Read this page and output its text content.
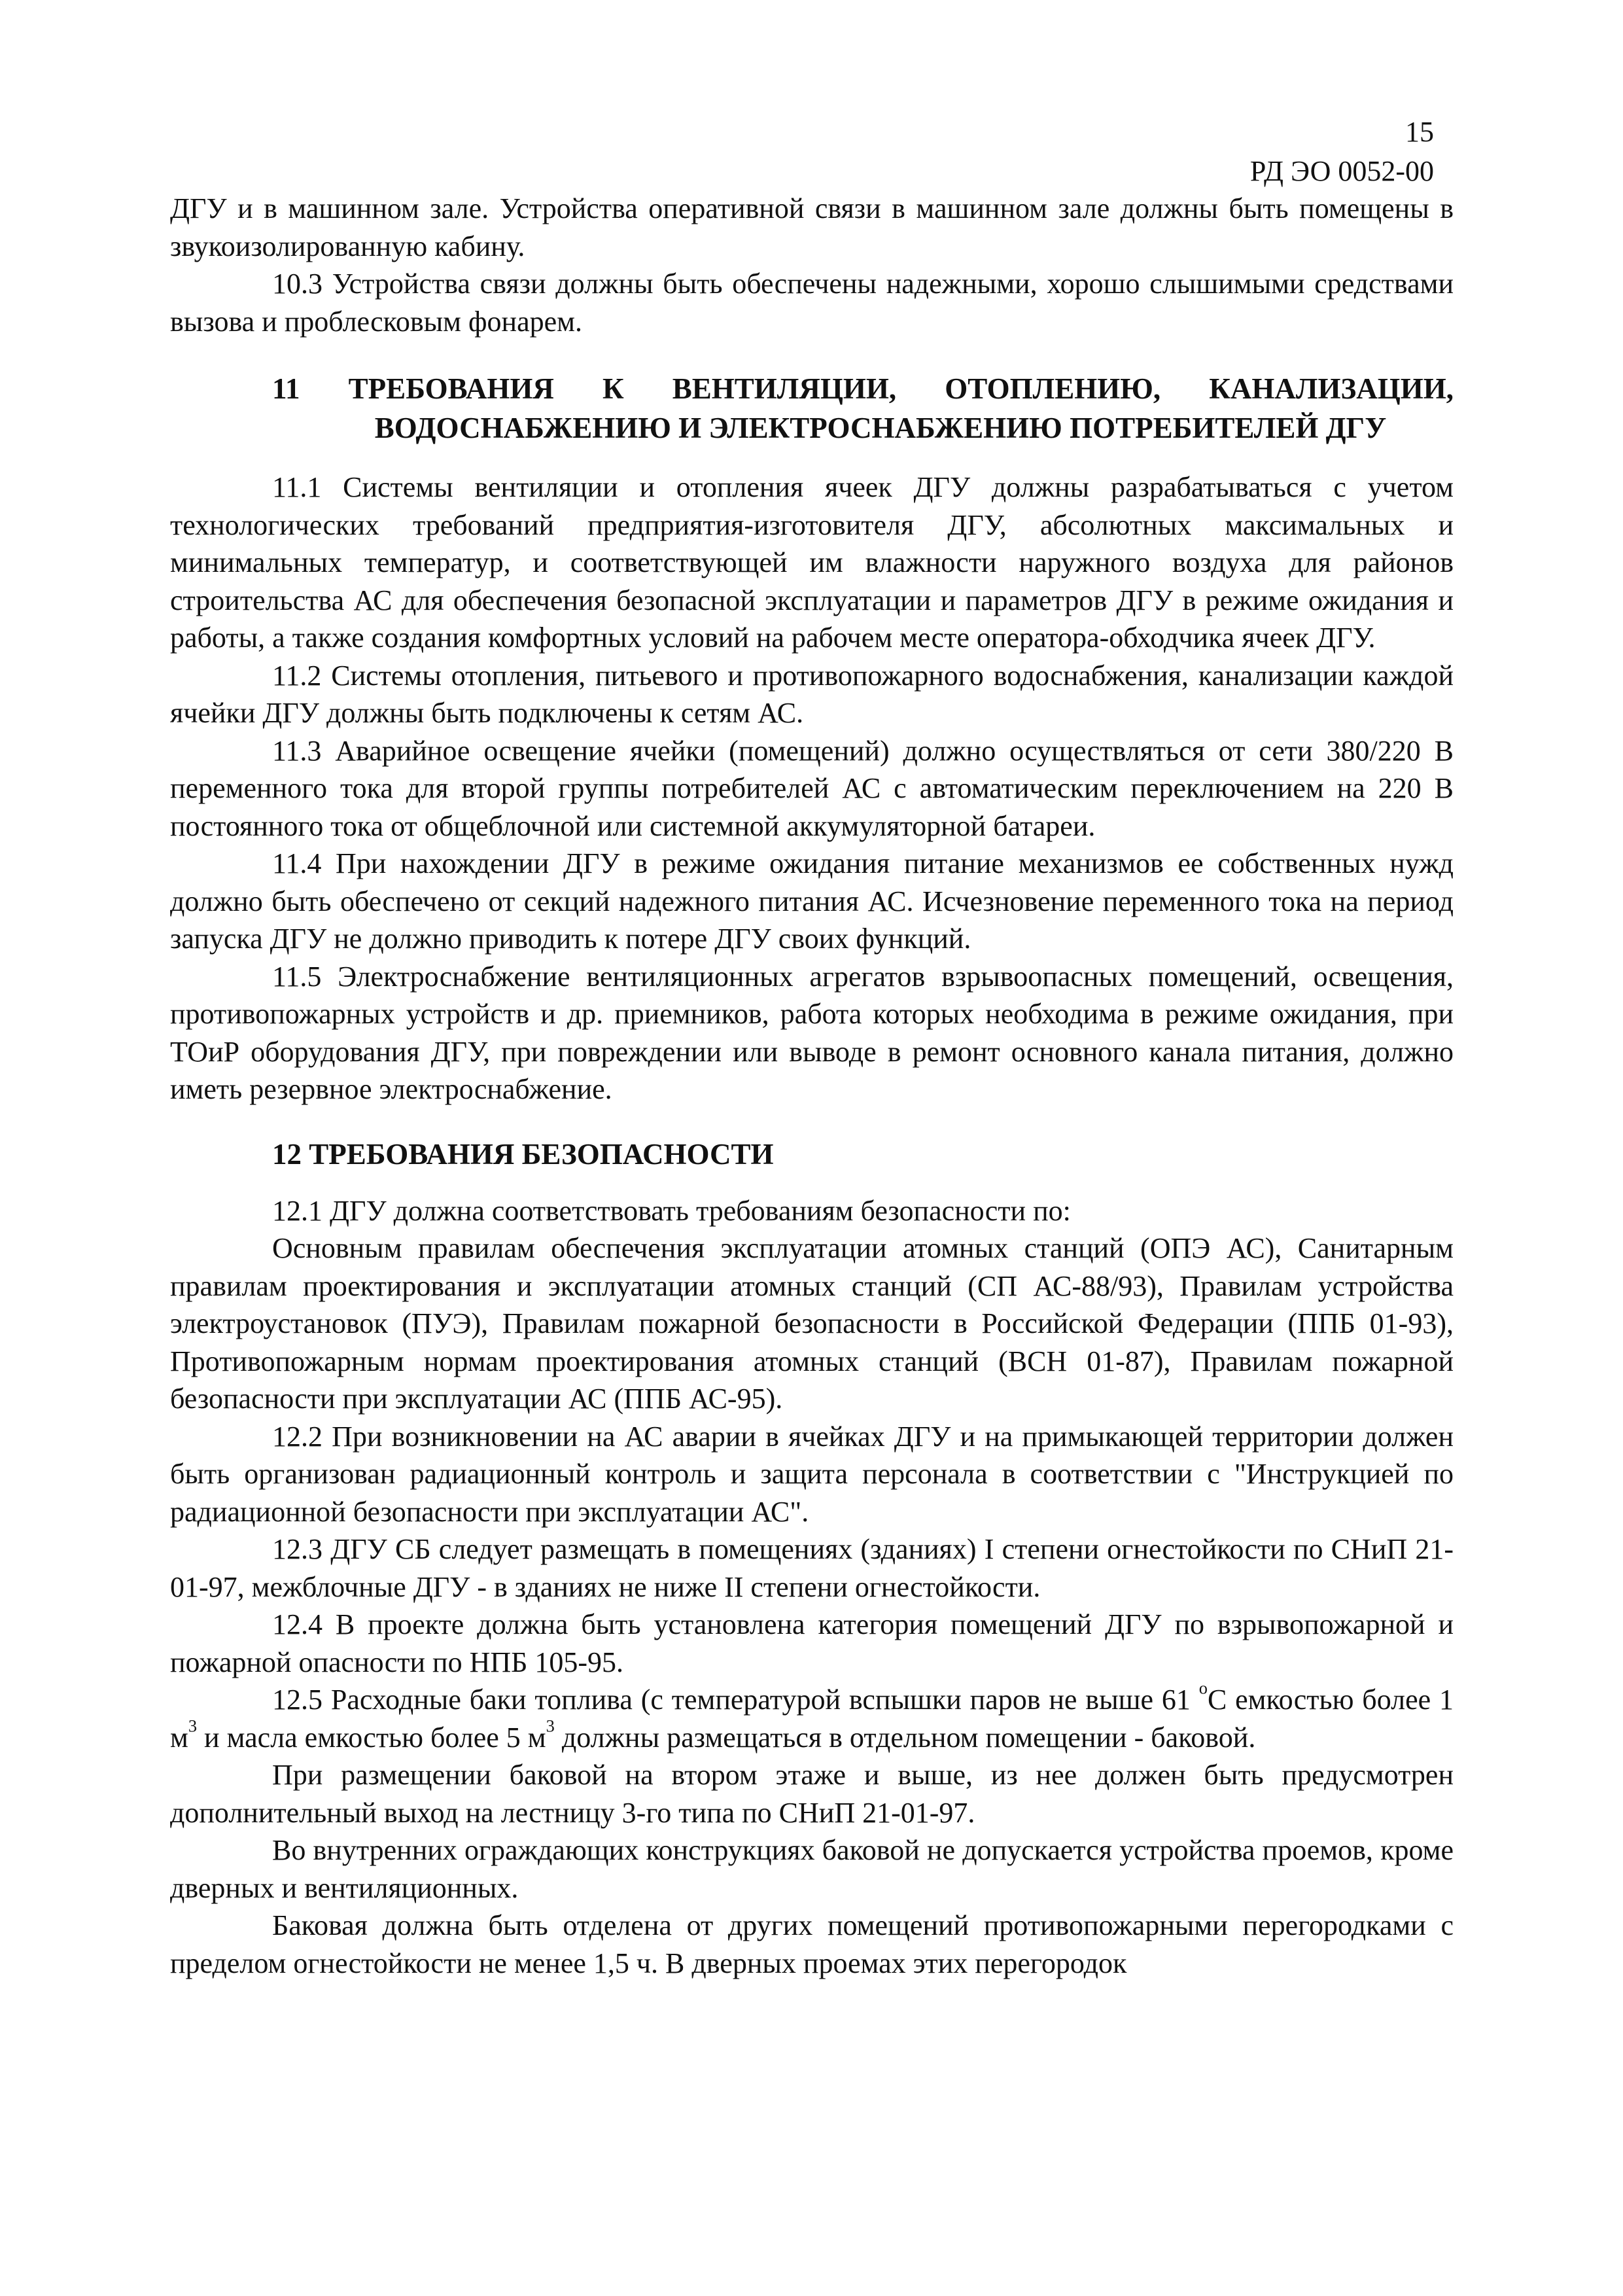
15
РД ЭО 0052-00

ДГУ и в машинном зале. Устройства оперативной связи в машинном зале должны быть помещены в звукоизолированную кабину.

10.3 Устройства связи должны быть обеспечены надежными, хорошо слышимыми средствами вызова и проблесковым фонарем.

11 ТРЕБОВАНИЯ К ВЕНТИЛЯЦИИ, ОТОПЛЕНИЮ, КАНАЛИЗАЦИИ,
ВОДОСНАБЖЕНИЮ И ЭЛЕКТРОСНАБЖЕНИЮ ПОТРЕБИТЕЛЕЙ ДГУ

11.1 Системы вентиляции и отопления ячеек ДГУ должны разрабатываться с учетом технологических требований предприятия-изготовителя ДГУ, абсолютных максимальных и минимальных температур, и соответствующей им влажности наружного воздуха для районов строительства АС для обеспечения безопасной эксплуатации и параметров ДГУ в режиме ожидания и работы, а также создания комфортных условий на рабочем месте оператора-обходчика ячеек ДГУ.

11.2 Системы отопления, питьевого и противопожарного водоснабжения, канализации каждой ячейки ДГУ должны быть подключены к сетям АС.

11.3 Аварийное освещение ячейки (помещений) должно осуществляться от сети 380/220 В переменного тока для второй группы потребителей АС с автоматическим переключением на 220 В постоянного тока от общеблочной или системной аккумуляторной батареи.

11.4 При нахождении ДГУ в режиме ожидания питание механизмов ее собственных нужд должно быть обеспечено от секций надежного питания АС. Исчезновение переменного тока на период запуска ДГУ не должно приводить к потере ДГУ своих функций.

11.5 Электроснабжение вентиляционных агрегатов взрывоопасных помещений, освещения, противопожарных устройств и др. приемников, работа которых необходима в режиме ожидания, при ТОиР оборудования ДГУ, при повреждении или выводе в ремонт основного канала питания, должно иметь резервное электроснабжение.

12 ТРЕБОВАНИЯ БЕЗОПАСНОСТИ

12.1 ДГУ должна соответствовать требованиям безопасности по:

Основным правилам обеспечения эксплуатации атомных станций (ОПЭ АС), Санитарным правилам проектирования и эксплуатации атомных станций (СП АС-88/93), Правилам устройства электроустановок (ПУЭ), Правилам пожарной безопасности в Российской Федерации (ППБ 01-93), Противопожарным нормам проектирования атомных станций (ВСН 01-87), Правилам пожарной безопасности при эксплуатации АС (ППБ АС-95).

12.2 При возникновении на АС аварии в ячейках ДГУ и на примыкающей территории должен быть организован радиационный контроль и защита персонала в соответствии с "Инструкцией по радиационной безопасности при эксплуатации АС".

12.3 ДГУ СБ следует размещать в помещениях (зданиях) I степени огнестойкости по СНиП 21-01-97, межблочные ДГУ - в зданиях не ниже II степени огнестойкости.

12.4 В проекте должна быть установлена категория помещений ДГУ по взрывопожарной и пожарной опасности по НПБ 105-95.

12.5 Расходные баки топлива (с температурой вспышки паров не выше 61 $^о$С емкостью более 1 $м^3$ и масла емкостью более 5 $м^3$ должны размещаться в отдельном помещении - баковой.

При размещении баковой на втором этаже и выше, из нее должен быть предусмотрен дополнительный выход на лестницу 3-го типа по СНиП 21-01-97.

Во внутренних ограждающих конструкциях баковой не допускается устройства проемов, кроме дверных и вентиляционных.

Баковая должна быть отделена от других помещений противопожарными перегородками с пределом огнестойкости не менее 1,5 ч. В дверных проемах этих перегородок
